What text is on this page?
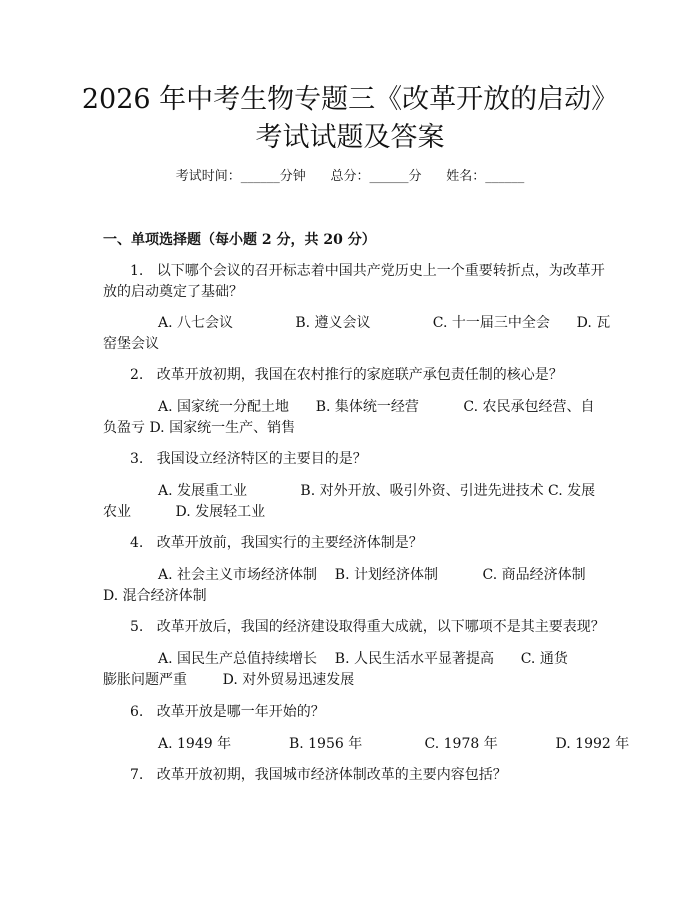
2026 年中考生物专题三《改革开放的启动》
考试试题及答案
考试时间：______分钟      总分：______分      姓名：______
一、单项选择题（每小题 2 分，共 20 分）
1.   以下哪个会议的召开标志着中国共产党历史上一个重要转折点，为改革开
放的启动奠定了基础？
A. 八七会议              B. 遵义会议              C. 十一届三中全会      D. 瓦
窑堡会议
2.   改革开放初期，我国在农村推行的家庭联产承包责任制的核心是？
A. 国家统一分配土地      B. 集体统一经营          C. 农民承包经营、自
负盈亏 D. 国家统一生产、销售
3.   我国设立经济特区的主要目的是？
A. 发展重工业            B. 对外开放、吸引外资、引进先进技术 C. 发展
农业          D. 发展轻工业
4.   改革开放前，我国实行的主要经济体制是？
A. 社会主义市场经济体制    B. 计划经济体制          C. 商品经济体制
D. 混合经济体制
5.   改革开放后，我国的经济建设取得重大成就，以下哪项不是其主要表现？
A. 国民生产总值持续增长    B. 人民生活水平显著提高      C. 通货
膨胀问题严重        D. 对外贸易迅速发展
6.   改革开放是哪一年开始的？
A. 1949 年             B. 1956 年              C. 1978 年             D. 1992 年
7.   改革开放初期，我国城市经济体制改革的主要内容包括？
